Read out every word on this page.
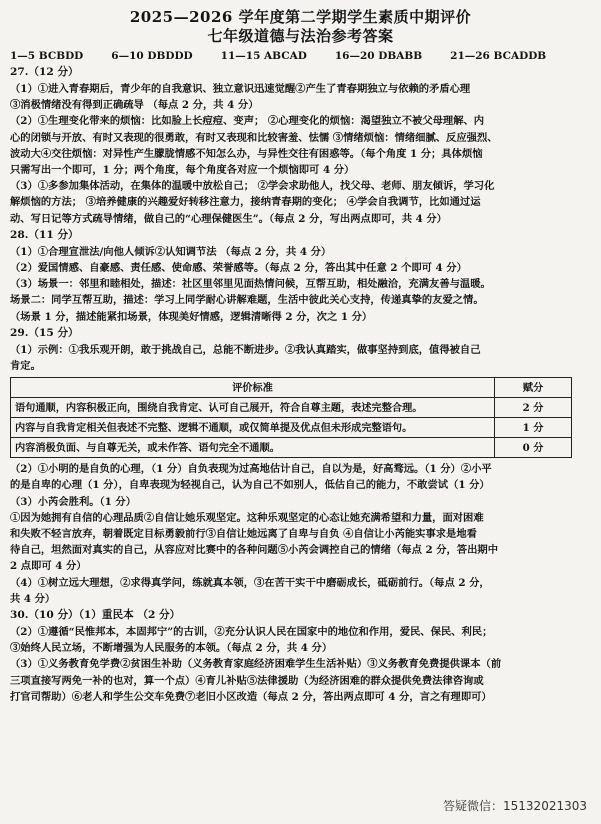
2025—2026 学年度第二学期学生素质中期评价
七年级道德与法治参考答案
1—5 BCBDD	6—10 DBDDD	11—15 ABCAD	16—20 DBABB	21—26 BCADDB

27.（12 分）

（1）①进入青春期后，青少年的自我意识、独立意识迅速觉醒②产生了青春期独立与依赖的矛盾心理

③消极情绪没有得到正确疏导 （每点 2 分，共 4 分）

（2）①生理变化带来的烦恼：比如脸上长痘痘、变声； ②心理变化的烦恼：渴望独立不被父母理解、内

心的闭锁与开放、有时又表现的很勇敢，有时又表现和比较害羞、怯懦 ③情绪烦恼：情绪细腻、反应强烈、

波动大④交往烦恼：对异性产生朦胧情感不知怎么办，与异性交往有困惑等。（每个角度 1 分；具体烦恼

只需写出一个即可，1 分；两个角度，每个角度各对应一个烦恼即可 4 分）

（3）①多参加集体活动，在集体的温暖中放松自己； ②学会求助他人，找父母、老师、朋友倾诉，学习化

解烦恼的方法； ③培养健康的兴趣爱好转移注意力，接纳青春期的变化； ④学会自我调节，比如通过运

动、写日记等方式疏导情绪，做自己的“心理保健医生”。（每点 2 分，写出两点即可，共 4 分）

28.（11 分）

（1）①合理宣泄法/向他人倾诉②认知调节法 （每点 2 分，共 4 分）

（2）爱国情感、自豪感、责任感、使命感、荣誉感等。（每点 2 分，答出其中任意 2 个即可 4 分）

（3）场景一：邻里和睦相处，描述：社区里邻里见面热情问候，互帮互助，相处融洽，充满友善与温暖。

场景二：同学互帮互助，描述：学习上同学耐心讲解难题，生活中彼此关心支持，传递真挚的友爱之情。

（场景 1 分，描述能紧扣场景，体现美好情感，逻辑清晰得 2 分，次之 1 分）

29.（15 分）

（1）示例：①我乐观开朗，敢于挑战自己，总能不断进步。②我认真踏实，做事坚持到底，值得被自己

肯定。

评价标准	赋分
语句通顺，内容积极正向，围绕自我肯定、认可自己展开，符合自尊主题，表述完整合理。	2 分
内容与自我肯定相关但表述不完整、逻辑不通顺，或仅简单提及优点但未形成完整语句。	1 分
内容消极负面、与自尊无关，或未作答、语句完全不通顺。	0 分

（2）①小明的是自负的心理，（1 分）自负表现为过高地估计自己，自以为是，好高骛远。（1 分）②小平

的是自卑的心理（1 分），自卑表现为轻视自己，认为自己不如别人，低估自己的能力，不敢尝试（1 分）

（3）小芮会胜利。（1 分）

①因为她拥有自信的心理品质②自信让她乐观坚定。这种乐观坚定的心态让她充满希望和力量，面对困难

和失败不轻言放弃，朝着既定目标勇毅前行③自信让她远离了自卑与自负 ④自信让小芮能实事求是地看

待自己，坦然面对真实的自己，从容应对比赛中的各种问题⑤小芮会调控自己的情绪（每点 2 分，答出期中

2 点即可 4 分）

（4）①树立远大理想，②求得真学问，练就真本领，③在苦干实干中磨砺成长，砥砺前行。（每点 2 分，

共 4 分）

30.（10 分）（1）重民本 （2 分）

（2）①遵循“民惟邦本，本固邦宁”的古训，②充分认识人民在国家中的地位和作用，爱民、保民、利民；

③始终人民立场，不断增强为人民服务的本领。（每点 2 分，共 4 分）

（3）①义务教育免学费②贫困生补助（义务教育家庭经济困难学生生活补贴）③义务教育免费提供课本（前

三项直接写两免一补的也对，算一个点）④育儿补贴⑤法律援助（为经济困难的群众提供免费法律咨询或

打官司帮助）⑥老人和学生公交车免费⑦老旧小区改造（每点 2 分，答出两点即可 4 分，言之有理即可）

答疑微信：15132021303
